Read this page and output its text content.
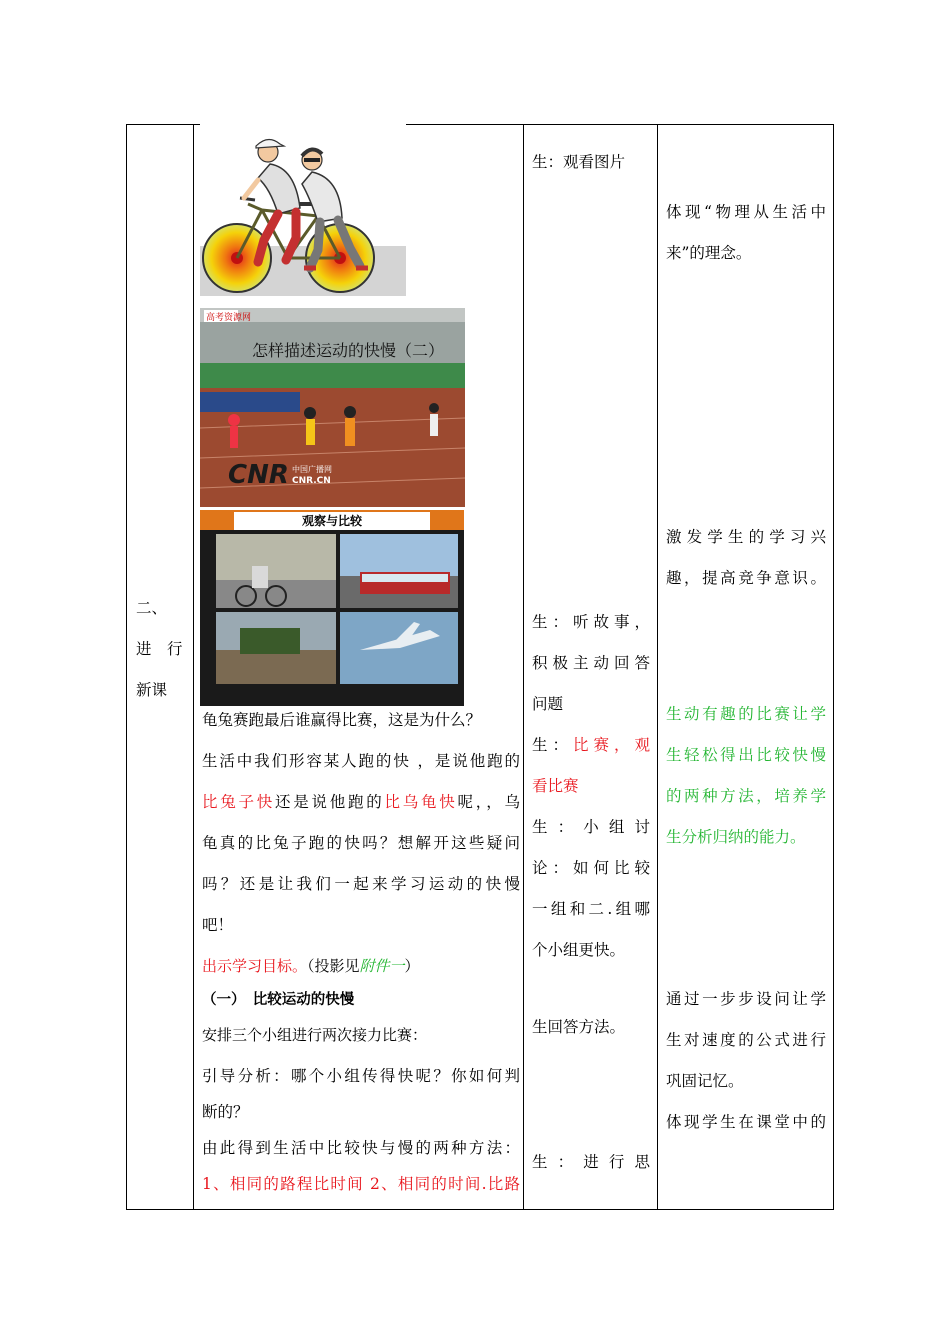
二、

进　行

新课

高考资源网
怎样描述运动的快慢（二）
CNR 中国广播网
CNR.CN
观察与比较

龟兔赛跑最后谁赢得比赛，这是为什么？

生活中我们形容某人跑的快 ，是说他跑的

比兔子快还是说他跑的比乌龟快呢，，乌

龟真的比兔子跑的快吗？想解开这些疑问

吗？还是让我们一起来学习运动的快慢

吧！

出示学习目标。（投影见附件一）
（一）　比较运动的快慢
安排三个小组进行两次接力比赛：

引导分析：哪个小组传得快呢？你如何判

断的？

由此得到生活中比较快与慢的两种方法：

1、相同的路程比时间 2、相同的时间.比路

生：观看图片

生：听故事，

积极主动回答

问题

生：比赛，观

看比赛

生：小组讨

论：如何比较

一组和二.组哪

个小组更快。

生回答方法。
生：进行思

体现“物理从生活中

来”的理念。

激发学生的学习兴

趣，提高竞争意识。

生动有趣的比赛让学

生轻松得出比较快慢

的两种方法，培养学

生分析归纳的能力。

通过一步步设问让学

生对速度的公式进行

巩固记忆。

体现学生在课堂中的
